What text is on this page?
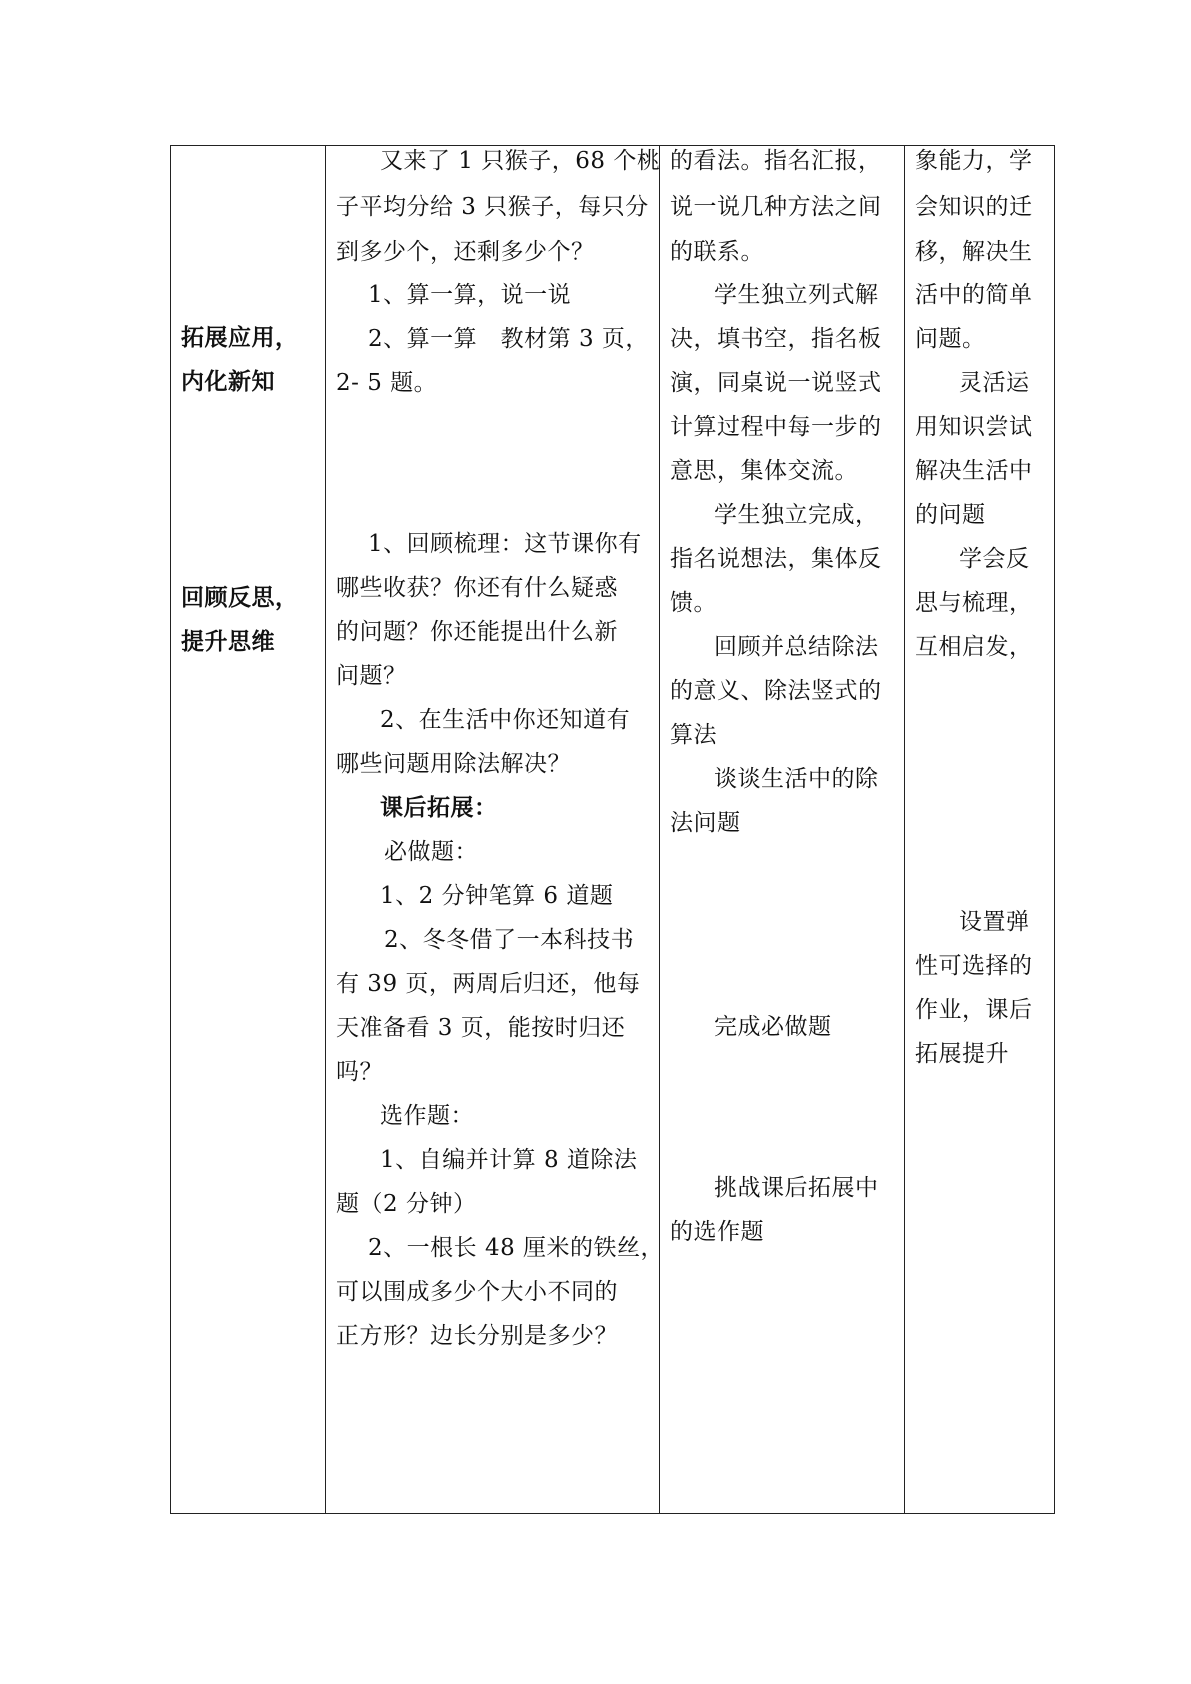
拓展应用，
内化新知
回顾反思，
提升思维
又来了 1 只猴子，68 个桃
子平均分给 3 只猴子，每只分
到多少个，还剩多少个？
1、算一算，说一说
2、算一算　教材第 3 页，
2- 5 题。
1、回顾梳理：这节课你有
哪些收获？你还有什么疑惑
的问题？你还能提出什么新
问题？
2、在生活中你还知道有
哪些问题用除法解决？
课后拓展：
必做题：
1、2 分钟笔算 6 道题
2、冬冬借了一本科技书
有 39 页，两周后归还，他每
天准备看 3 页，能按时归还
吗？
选作题：
1、自编并计算 8 道除法
题（2 分钟）
2、一根长 48 厘米的铁丝，
可以围成多少个大小不同的
正方形？边长分别是多少？
的看法。指名汇报，
说一说几种方法之间
的联系。
学生独立列式解
决，填书空，指名板
演，同桌说一说竖式
计算过程中每一步的
意思，集体交流。
学生独立完成，
指名说想法，集体反
馈。
回顾并总结除法
的意义、除法竖式的
算法
谈谈生活中的除
法问题
完成必做题
挑战课后拓展中
的选作题
象能力，学
会知识的迁
移，解决生
活中的简单
问题。
灵活运
用知识尝试
解决生活中
的问题
学会反
思与梳理，
互相启发，
设置弹
性可选择的
作业，课后
拓展提升
